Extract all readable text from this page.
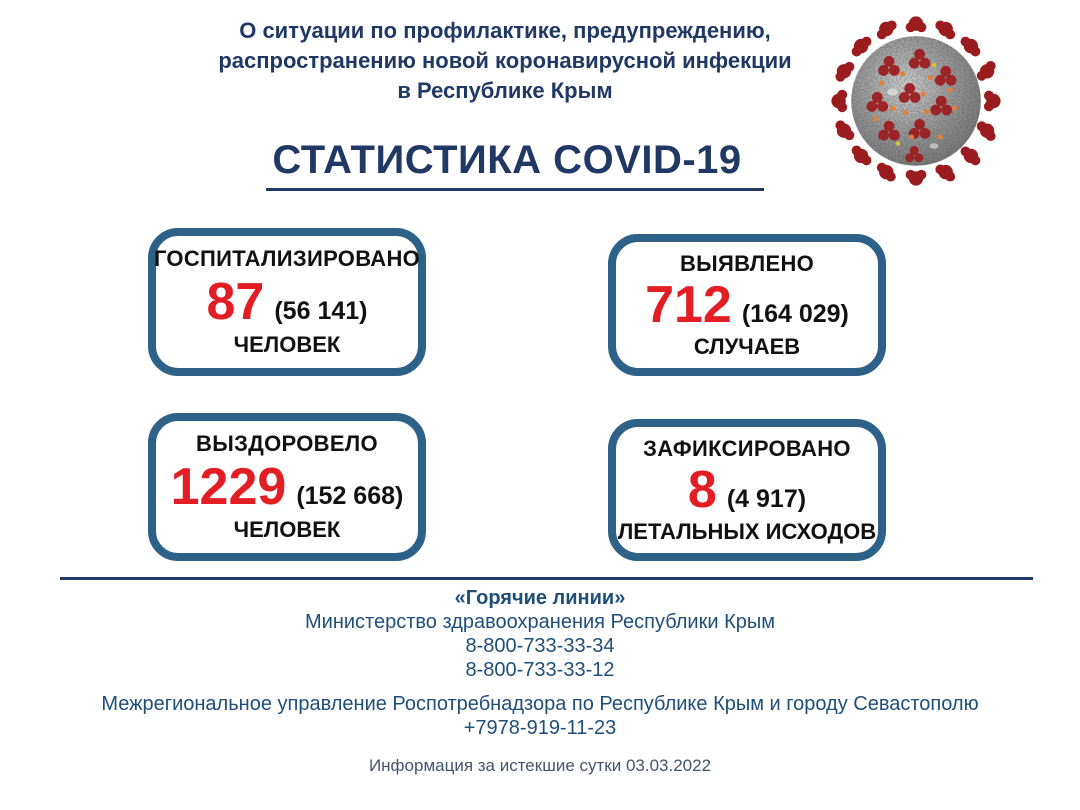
О ситуации по профилактике, предупреждению,
распространению новой коронавирусной инфекции
в Республике Крым
СТАТИСТИКА COVID-19
ГОСПИТАЛИЗИРОВАНО
87 (56 141)
ЧЕЛОВЕК
ВЫЯВЛЕНО
712 (164 029)
СЛУЧАЕВ
ВЫЗДОРОВЕЛО
1229 (152 668)
ЧЕЛОВЕК
ЗАФИКСИРОВАНО
8 (4 917)
ЛЕТАЛЬНЫХ ИСХОДОВ
«Горячие линии»
Министерство здравоохранения Республики Крым
8-800-733-33-34
8-800-733-33-12
Межрегиональное управление Роспотребнадзора по Республике Крым и городу Севастополю
+7978-919-11-23
Информация за истекшие сутки 03.03.2022
